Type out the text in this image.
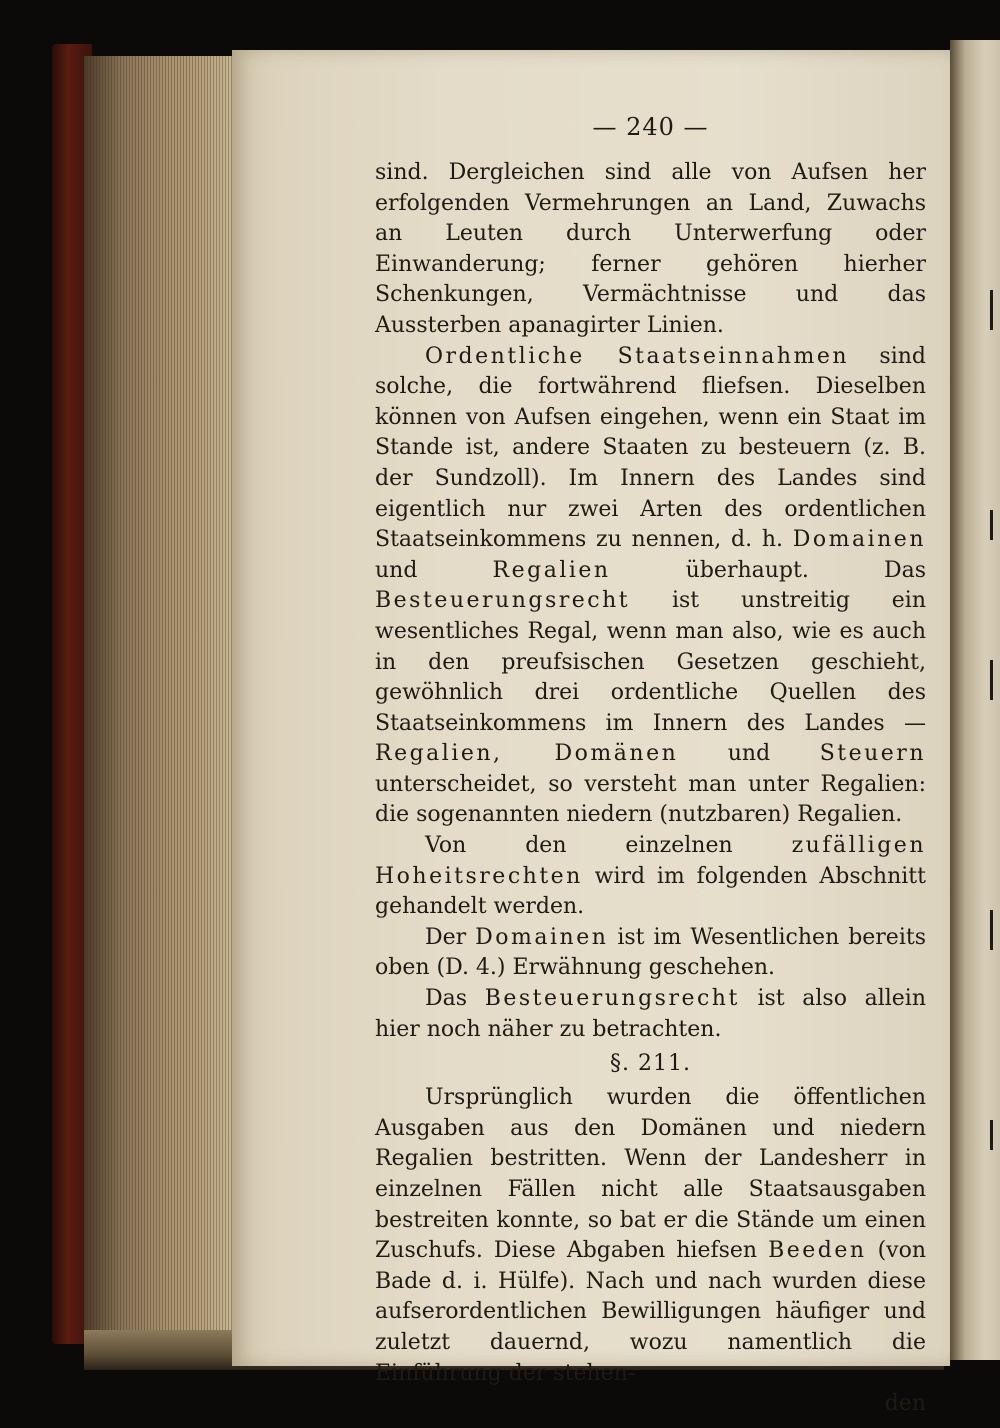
— 240 —

sind. Dergleichen sind alle von Aufsen her erfolgenden Vermehrungen an Land, Zuwachs an Leuten durch Unterwerfung oder Einwanderung; ferner gehören hierher Schenkungen, Vermächtnisse und das Aussterben apanagirter Linien.

Ordentliche Staatseinnahmen sind solche, die fortwährend fliefsen. Dieselben können von Aufsen eingehen, wenn ein Staat im Stande ist, andere Staaten zu besteuern (z. B. der Sundzoll). Im Innern des Landes sind eigentlich nur zwei Arten des ordentlichen Staatseinkommens zu nennen, d. h. Domainen und Regalien überhaupt. Das Besteuerungsrecht ist unstreitig ein wesentliches Regal, wenn man also, wie es auch in den preufsischen Gesetzen geschieht, gewöhnlich drei ordentliche Quellen des Staatseinkommens im Innern des Landes — Regalien, Domänen und Steuern unterscheidet, so versteht man unter Regalien: die sogenannten niedern (nutzbaren) Regalien.

Von den einzelnen zufälligen Hoheitsrechten wird im folgenden Abschnitt gehandelt werden.

Der Domainen ist im Wesentlichen bereits oben (D. 4.) Erwähnung geschehen.

Das Besteuerungsrecht ist also allein hier noch näher zu betrachten.

§. 211.

Ursprünglich wurden die öffentlichen Ausgaben aus den Domänen und niedern Regalien bestritten. Wenn der Landesherr in einzelnen Fällen nicht alle Staatsausgaben bestreiten konnte, so bat er die Stände um einen Zuschufs. Diese Abgaben hiefsen Beeden (von Bade d. i. Hülfe). Nach und nach wurden diese aufserordentlichen Bewilligungen häufiger und zuletzt dauernd, wozu namentlich die Einführung der stehen-

den
